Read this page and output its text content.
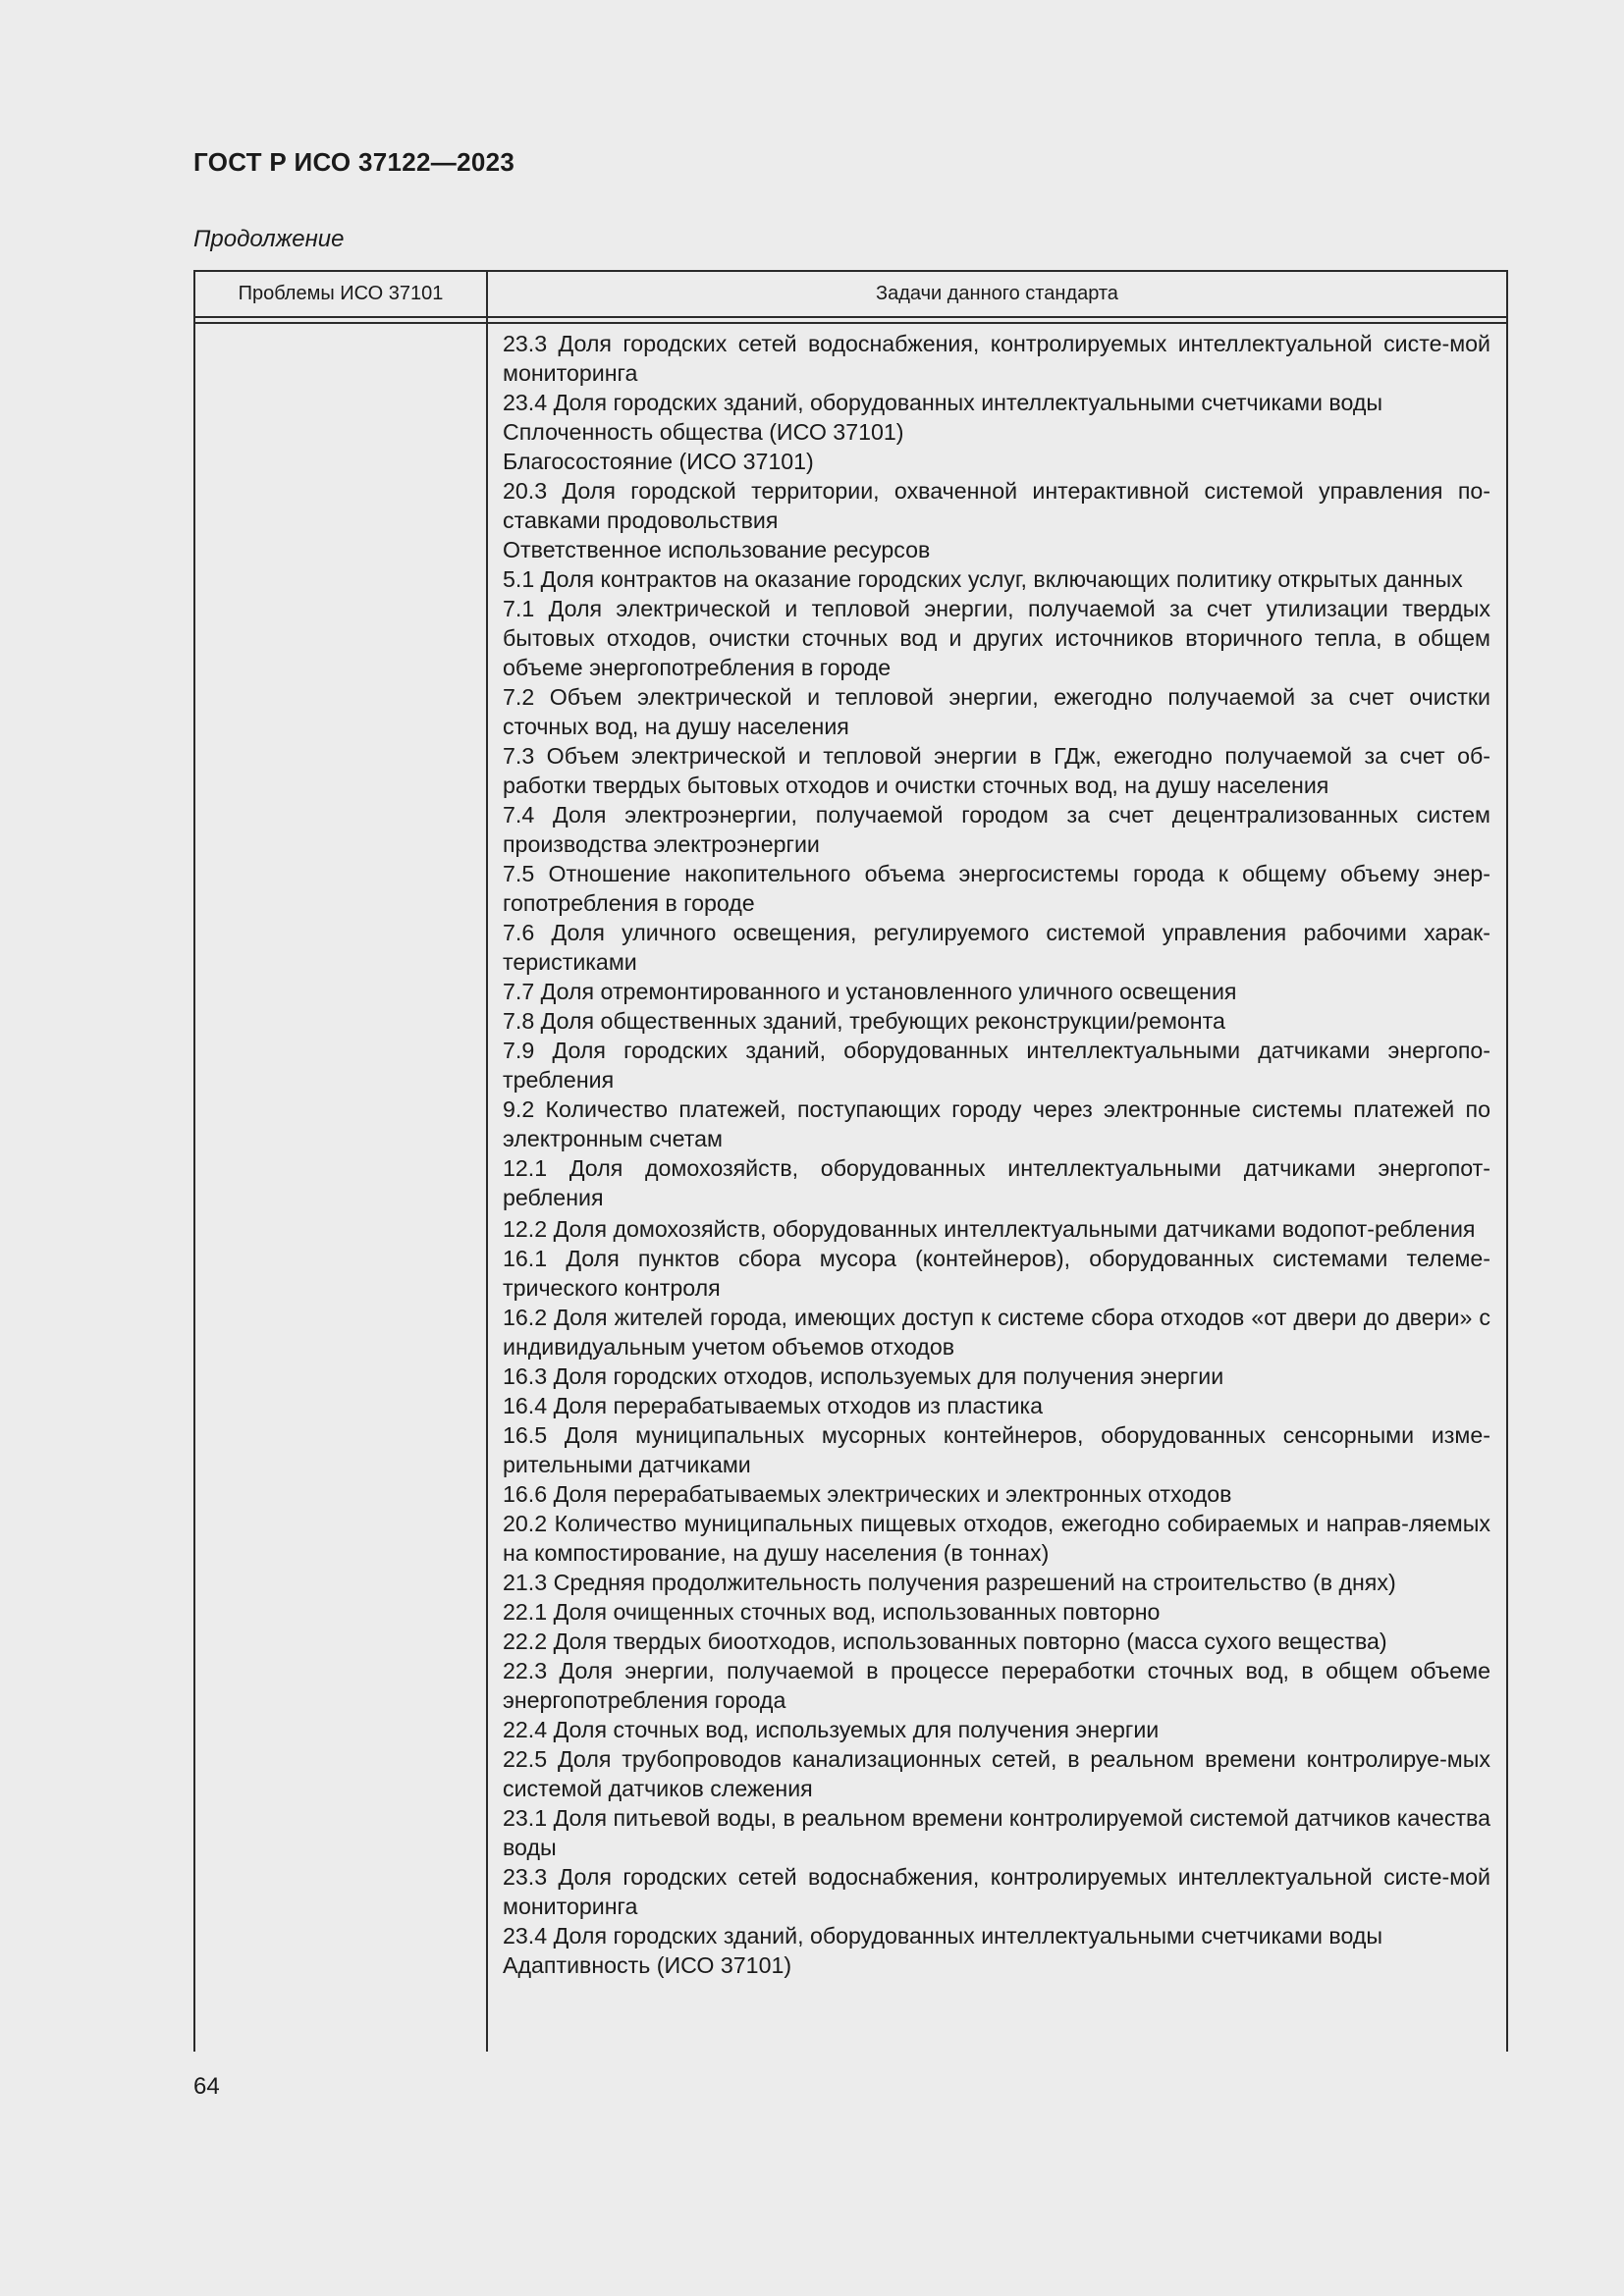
ГОСТ Р ИСО 37122—2023

Продолжение

Проблемы ИСО 37101	Задачи данного стандарта

23.3 Доля городских сетей водоснабжения, контролируемых интеллектуальной систе-мой мониторинга

23.4 Доля городских зданий, оборудованных интеллектуальными счетчиками воды

Сплоченность общества (ИСО 37101)

Благосостояние (ИСО 37101)

20.3 Доля городской территории, охваченной интерактивной системой управления по-ставками продовольствия

Ответственное использование ресурсов

5.1 Доля контрактов на оказание городских услуг, включающих политику открытых данных

7.1 Доля электрической и тепловой энергии, получаемой за счет утилизации твердых бытовых отходов, очистки сточных вод и других источников вторичного тепла, в общем объеме энергопотребления в городе

7.2 Объем электрической и тепловой энергии, ежегодно получаемой за счет очистки сточных вод, на душу населения

7.3 Объем электрической и тепловой энергии в ГДж, ежегодно получаемой за счет об-работки твердых бытовых отходов и очистки сточных вод, на душу населения

7.4 Доля электроэнергии, получаемой городом за счет децентрализованных систем производства электроэнергии

7.5 Отношение накопительного объема энергосистемы города к общему объему энер-гопотребления в городе

7.6 Доля уличного освещения, регулируемого системой управления рабочими харак-теристиками

7.7 Доля отремонтированного и установленного уличного освещения

7.8 Доля общественных зданий, требующих реконструкции/ремонта

7.9 Доля городских зданий, оборудованных интеллектуальными датчиками энергопо-требления

9.2 Количество платежей, поступающих городу через электронные системы платежей по электронным счетам

12.1 Доля домохозяйств, оборудованных интеллектуальными датчиками энергопот-ребления

12.2 Доля домохозяйств, оборудованных интеллектуальными датчиками водопот-ребления

16.1 Доля пунктов сбора мусора (контейнеров), оборудованных системами телеме-трического контроля

16.2 Доля жителей города, имеющих доступ к системе сбора отходов «от двери до двери» с индивидуальным учетом объемов отходов

16.3 Доля городских отходов, используемых для получения энергии

16.4 Доля перерабатываемых отходов из пластика

16.5 Доля муниципальных мусорных контейнеров, оборудованных сенсорными изме-рительными датчиками

16.6 Доля перерабатываемых электрических и электронных отходов

20.2 Количество муниципальных пищевых отходов, ежегодно собираемых и направ-ляемых на компостирование, на душу населения (в тоннах)

21.3 Средняя продолжительность получения разрешений на строительство (в днях)

22.1 Доля очищенных сточных вод, использованных повторно

22.2 Доля твердых биоотходов, использованных повторно (масса сухого вещества)

22.3 Доля энергии, получаемой в процессе переработки сточных вод, в общем объеме энергопотребления города

22.4 Доля сточных вод, используемых для получения энергии

22.5 Доля трубопроводов канализационных сетей, в реальном времени контролируе-мых системой датчиков слежения

23.1 Доля питьевой воды, в реальном времени контролируемой системой датчиков качества воды

23.3 Доля городских сетей водоснабжения, контролируемых интеллектуальной систе-мой мониторинга

23.4 Доля городских зданий, оборудованных интеллектуальными счетчиками воды

Адаптивность (ИСО 37101)

64
